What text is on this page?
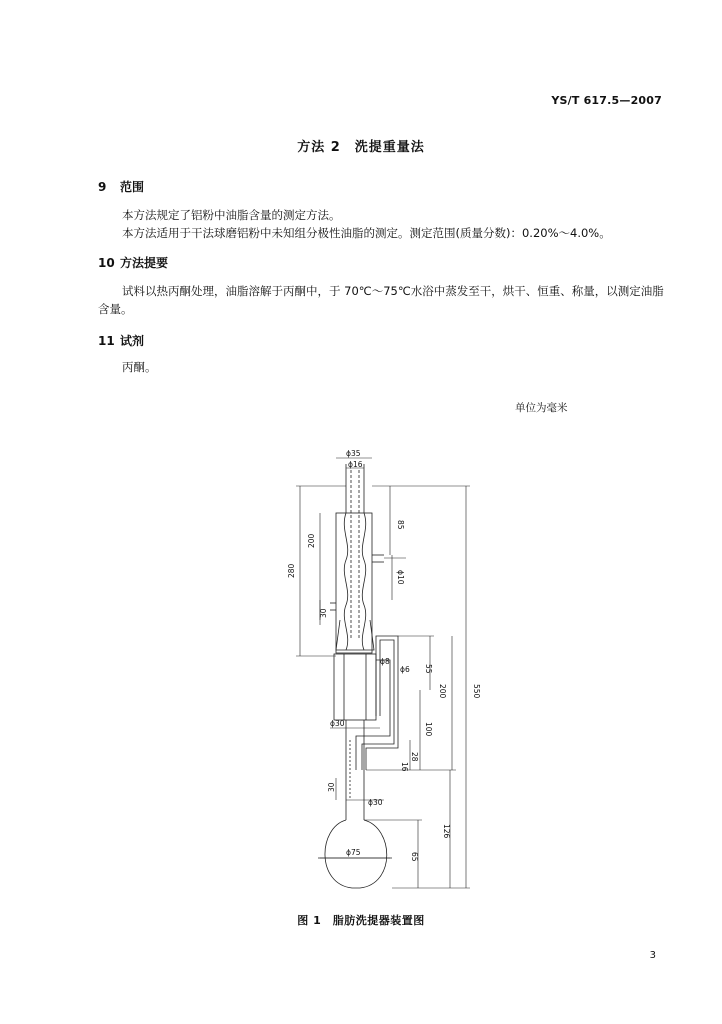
YS/T 617.5—2007
方法 2　洗提重量法
9 范围
本方法规定了铝粉中油脂含量的测定方法。
本方法适用于干法球磨铝粉中未知组分极性油脂的测定。测定范围(质量分数)：0.20%～4.0%。
10 方法提要
试料以热丙酮处理，油脂溶解于丙酮中，于 70℃～75℃水浴中蒸发至干，烘干、恒重、称量，以测定油脂含量。
11 试剂
丙酮。
单位为毫米
ϕ35
ϕ16
200
280
85
ϕ10
30
ϕ8
ϕ6 55
200	550
ϕ30	100
28
16
30
ϕ30
126
ϕ75	65
图 1　脂肪洗提器装置图
3
